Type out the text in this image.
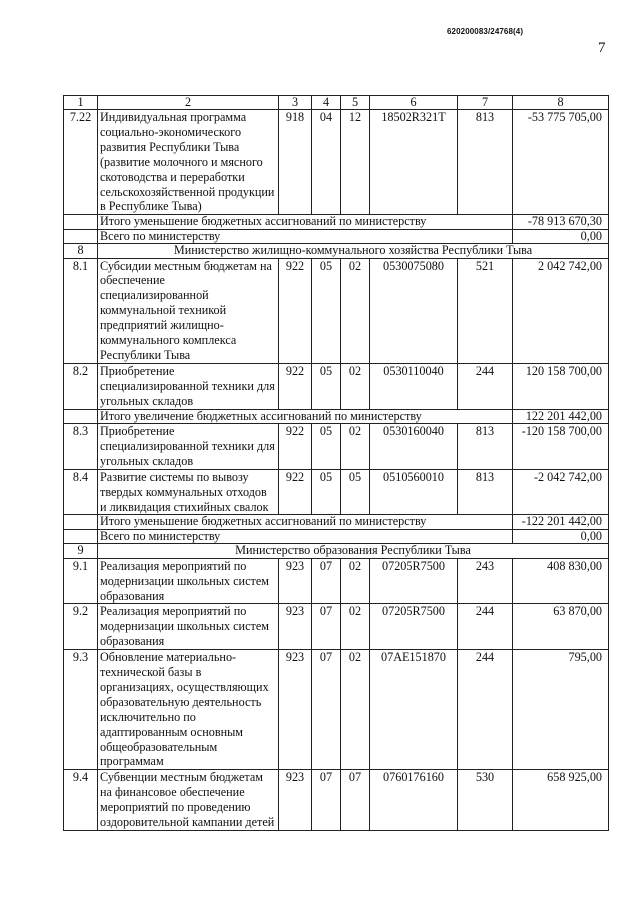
620200083/24768(4)
7
1	2	3	4	5	6	7	8
7.22	Индивидуальная программа социально-экономического развития Республики Тыва (развитие молочного и мясного скотоводства и переработки сельскохозяйственной продукции в Республике Тыва)	918	04	12	18502R321Т	813	-53 775 705,00
	Итого уменьшение бюджетных ассигнований по министерству						-78 913 670,30
	Всего по министерству						0,00
8	Министерство жилищно-коммунального хозяйства Республики Тыва						
8.1	Субсидии местным бюджетам на обеспечение специализированной коммунальной техникой предприятий жилищно-коммунального комплекса Республики Тыва	922	05	02	0530075080	521	2 042 742,00
8.2	Приобретение специализированной техники для угольных складов	922	05	02	0530110040	244	120 158 700,00
	Итого увеличение бюджетных ассигнований по министерству						122 201 442,00
8.3	Приобретение специализированной техники для угольных складов	922	05	02	0530160040	813	-120 158 700,00
8.4	Развитие системы по вывозу твердых коммунальных отходов и ликвидация стихийных свалок	922	05	05	0510560010	813	-2 042 742,00
	Итого уменьшение бюджетных ассигнований по министерству						-122 201 442,00
	Всего по министерству						0,00
9	Министерство образования Республики Тыва						
9.1	Реализация мероприятий по модернизации школьных систем образования	923	07	02	07205R7500	243	408 830,00
9.2	Реализация мероприятий по модернизации школьных систем образования	923	07	02	07205R7500	244	63 870,00
9.3	Обновление материально-технической базы в организациях, осуществляющих образовательную деятельность исключительно по адаптированным основным общеобразовательным программам	923	07	02	07АЕ151870	244	795,00
9.4	Субвенции местным бюджетам на финансовое обеспечение мероприятий по проведению оздоровительной кампании детей	923	07	07	0760176160	530	658 925,00
